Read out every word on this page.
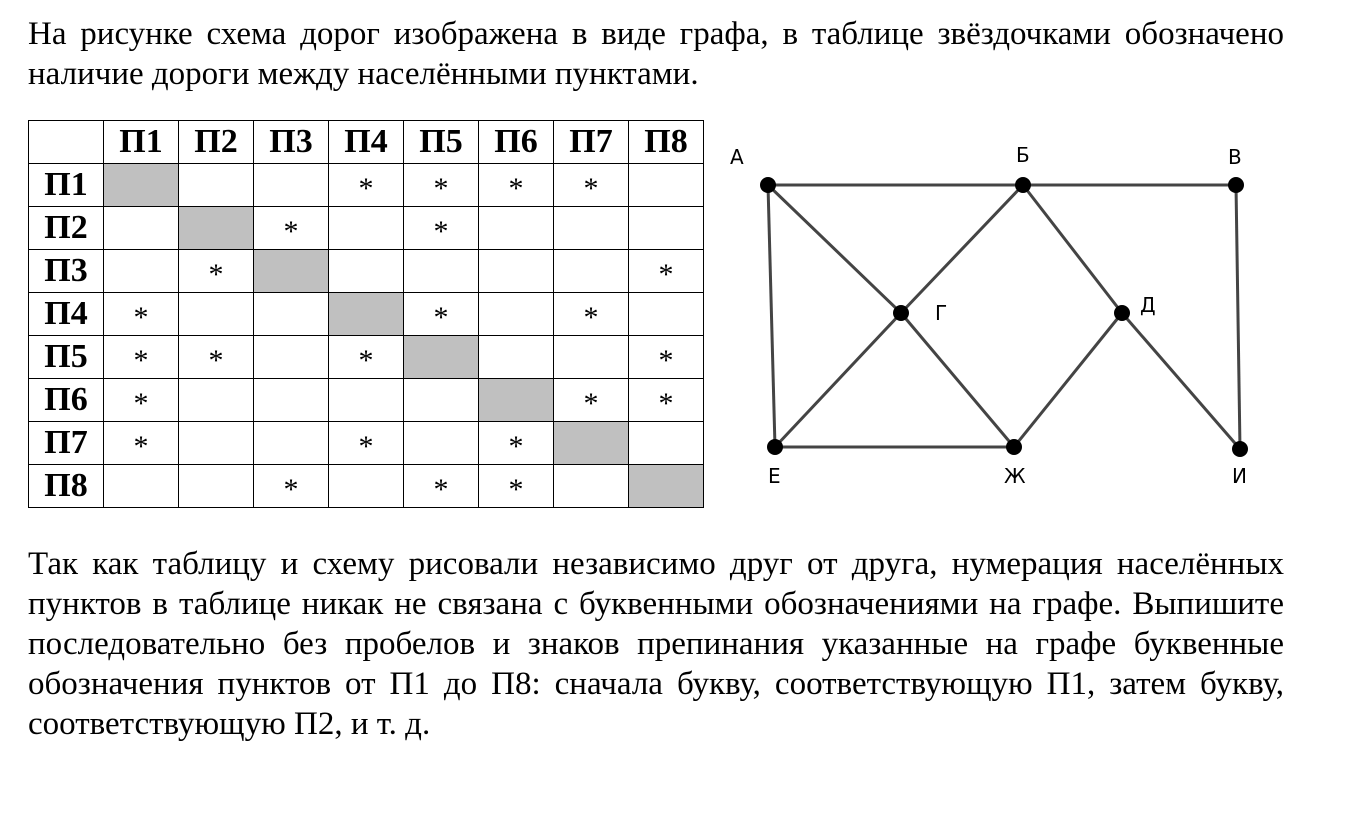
На рисунке схема дорог изображена в виде графа, в таблице звёздочками обозначено наличие дороги между населёнными пунктами.

	П1	П2	П3	П4	П5	П6	П7	П8
П1				*	*	*	*	
П2			*		*			
П3		*						*
П4	*				*		*	
П5	*	*		*				*
П6	*						*	*
П7	*			*		*		
П8			*		*	*		
А	Б	В
Г	Д
Е	Ж	И

Так как таблицу и схему рисовали независимо друг от друга, нумерация населённых пунктов в таблице никак не связана с буквенными обозначениями на графе. Выпишите последовательно без пробелов и знаков препинания указанные на графе буквенные обозначения пунктов от П1 до П8: сначала букву, соответствующую П1, затем букву, соответствующую П2, и т. д.
